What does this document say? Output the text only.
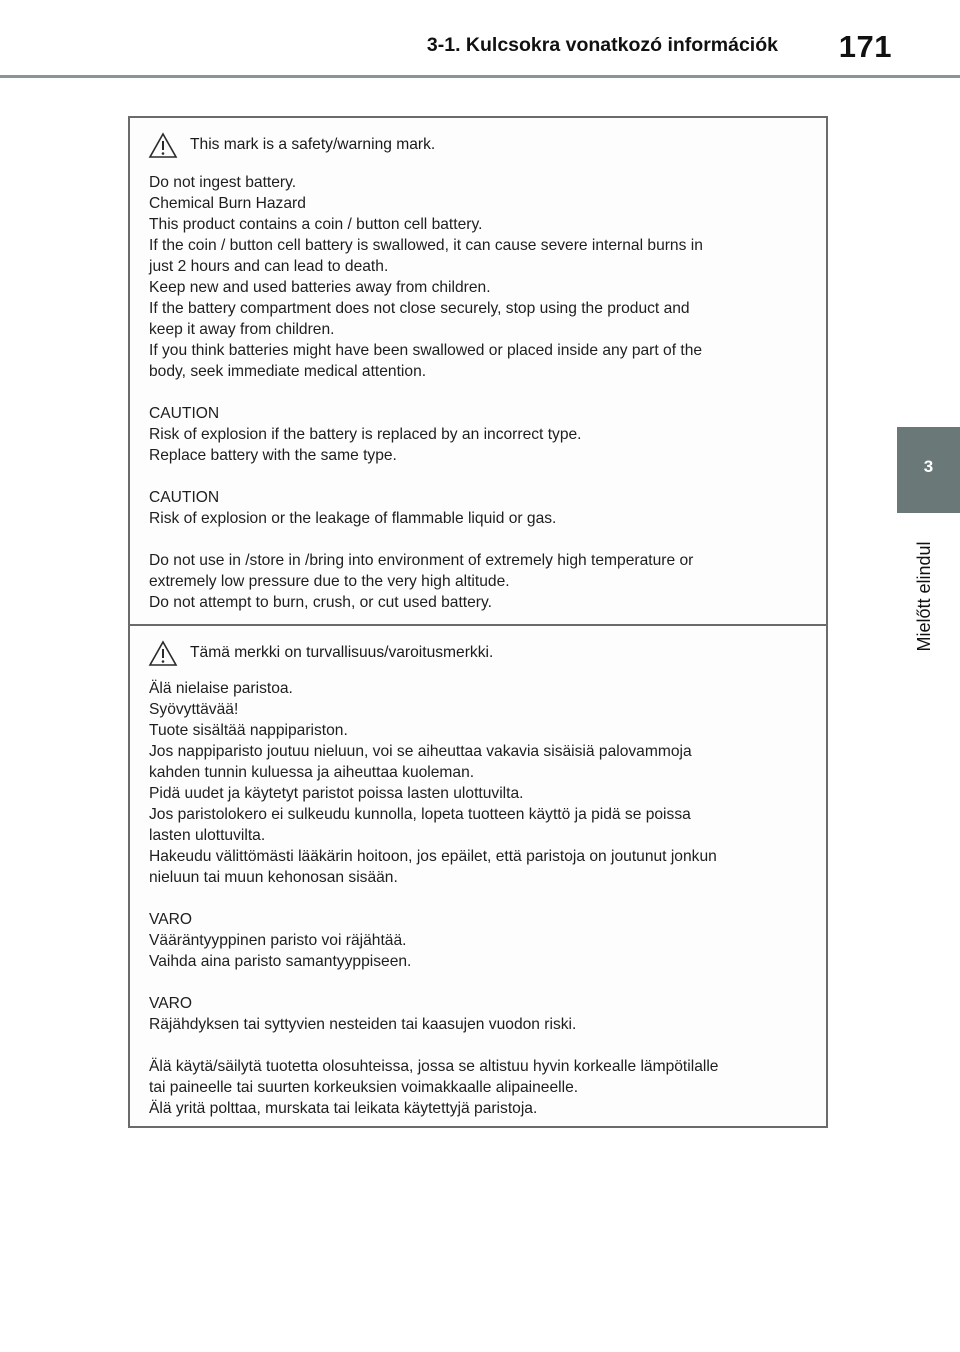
3-1. Kulcsokra vonatkozó információk	171
3
Mielőtt elindul
This mark is a safety/warning mark.

Do not ingest battery.

Chemical Burn Hazard

This product contains a coin / button cell battery.

If the coin / button cell battery is swallowed, it can cause severe internal burns in

just 2 hours and can lead to death.

Keep new and used batteries away from children.

If the battery compartment does not close securely, stop using the product and

keep it away from children.

If you think batteries might have been swallowed or placed inside any part of the

body, seek immediate medical attention.

CAUTION

Risk of explosion if the battery is replaced by an incorrect type.

Replace battery with the same type.

CAUTION

Risk of explosion or the leakage of flammable liquid or gas.

Do not use in /store in /bring into environment of extremely high temperature or

extremely low pressure due to the very high altitude.

Do not attempt to burn, crush, or cut used battery.

Tämä merkki on turvallisuus/varoitusmerkki.

Älä nielaise paristoa.

Syövyttävää!

Tuote sisältää nappipariston.

Jos nappiparisto joutuu nieluun, voi se aiheuttaa vakavia sisäisiä palovammoja

kahden tunnin kuluessa ja aiheuttaa kuoleman.

Pidä uudet ja käytetyt paristot poissa lasten ulottuvilta.

Jos paristolokero ei sulkeudu kunnolla, lopeta tuotteen käyttö ja pidä se poissa

lasten ulottuvilta.

Hakeudu välittömästi lääkärin hoitoon, jos epäilet, että paristoja on joutunut jonkun

nieluun tai muun kehonosan sisään.

VARO

Vääräntyyppinen paristo voi räjähtää.

Vaihda aina paristo samantyyppiseen.

VARO

Räjähdyksen tai syttyvien nesteiden tai kaasujen vuodon riski.

Älä käytä/säilytä tuotetta olosuhteissa, jossa se altistuu hyvin korkealle lämpötilalle

tai paineelle tai suurten korkeuksien voimakkaalle alipaineelle.

Älä yritä polttaa, murskata tai leikata käytettyjä paristoja.
